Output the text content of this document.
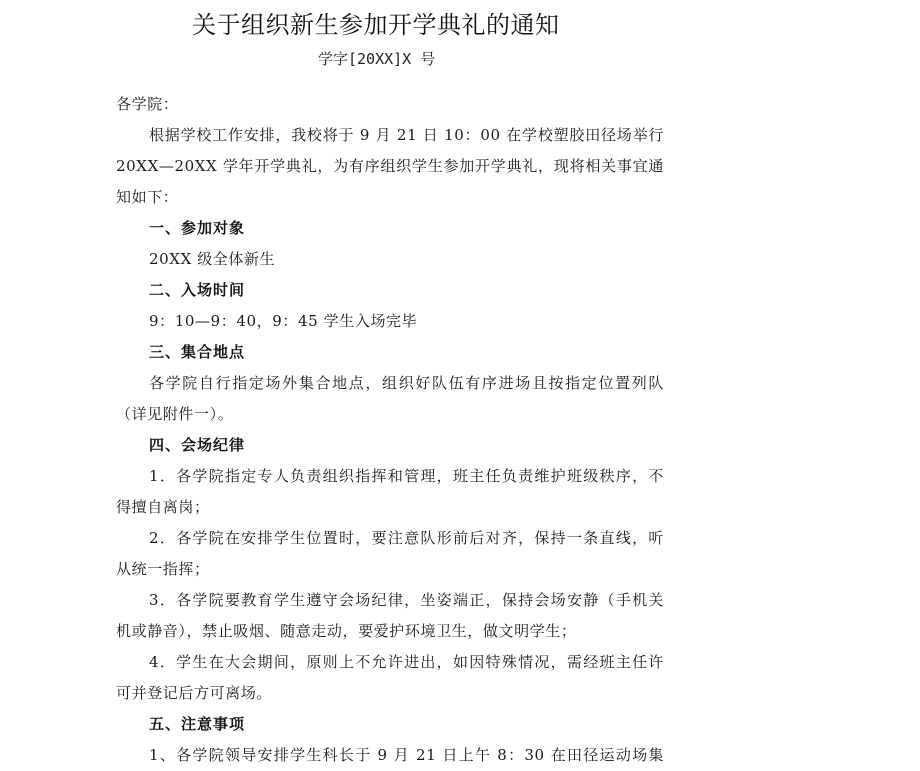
关于组织新生参加开学典礼的通知
学字[20XX]X 号

各学院：

根据学校工作安排，我校将于 9 月 21 日 10：00 在学校塑胶田径场举行

20XX—20XX 学年开学典礼，为有序组织学生参加开学典礼，现将相关事宜通

知如下：

一、参加对象

20XX 级全体新生

二、入场时间

9：10—9：40，9：45 学生入场完毕

三、集合地点

各学院自行指定场外集合地点，组织好队伍有序进场且按指定位置列队

（详见附件一）。

四、会场纪律

1．各学院指定专人负责组织指挥和管理，班主任负责维护班级秩序，不

得擅自离岗；

2．各学院在安排学生位置时，要注意队形前后对齐，保持一条直线，听

从统一指挥；

3．各学院要教育学生遵守会场纪律，坐姿端正，保持会场安静（手机关

机或静音），禁止吸烟、随意走动，要爱护环境卫生，做文明学生；

4．学生在大会期间，原则上不允许进出，如因特殊情况，需经班主任许

可并登记后方可离场。

五、注意事项

1、各学院领导安排学生科长于 9 月 21 日上午 8：30 在田径运动场集
